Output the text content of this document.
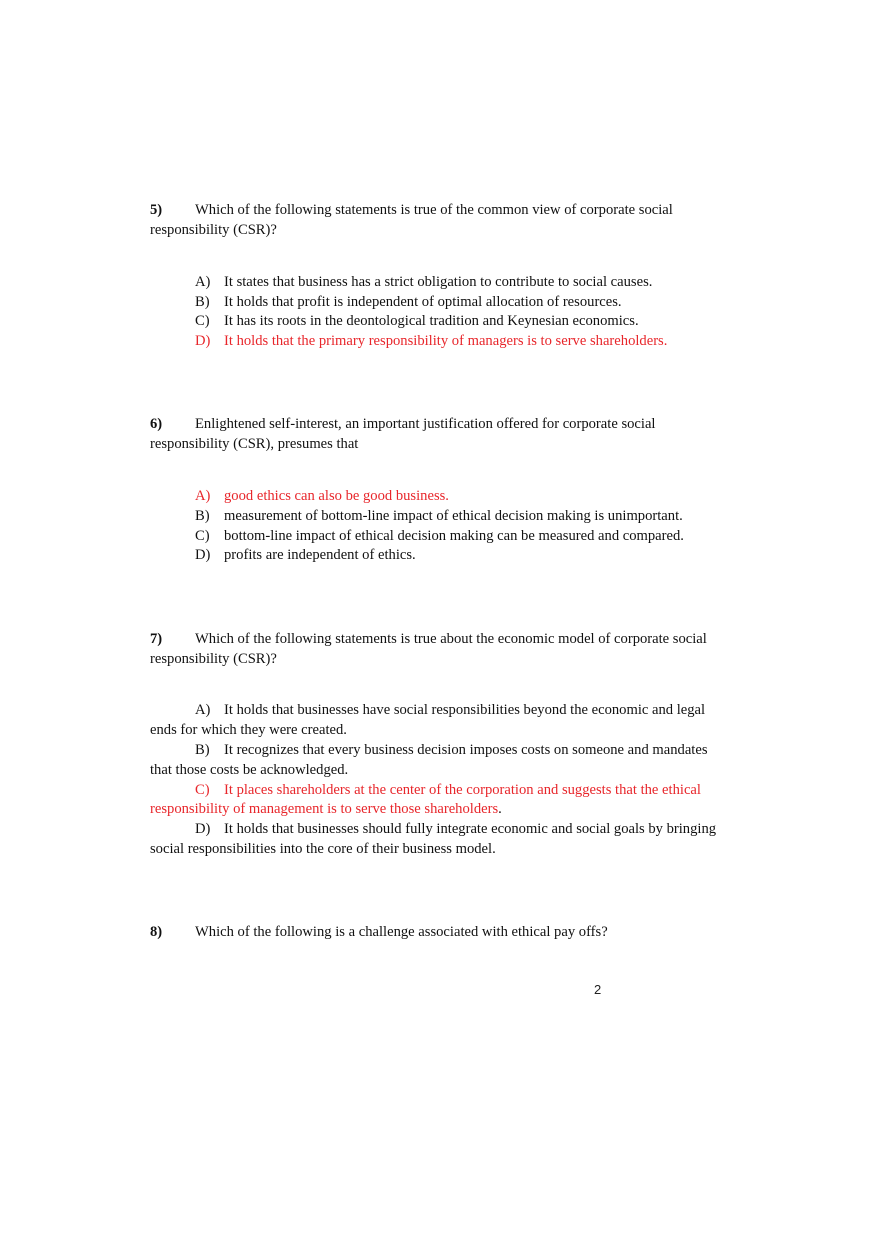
5) Which of the following statements is true of the common view of corporate social
responsibility (CSR)?
A) It states that business has a strict obligation to contribute to social causes.
B) It holds that profit is independent of optimal allocation of resources.
C) It has its roots in the deontological tradition and Keynesian economics.
D) It holds that the primary responsibility of managers is to serve shareholders.
6) Enlightened self-interest, an important justification offered for corporate social
responsibility (CSR), presumes that
A) good ethics can also be good business.
B) measurement of bottom-line impact of ethical decision making is unimportant.
C) bottom-line impact of ethical decision making can be measured and compared.
D) profits are independent of ethics.
7) Which of the following statements is true about the economic model of corporate social
responsibility (CSR)?
A) It holds that businesses have social responsibilities beyond the economic and legal
ends for which they were created.
B) It recognizes that every business decision imposes costs on someone and mandates
that those costs be acknowledged.
C) It places shareholders at the center of the corporation and suggests that the ethical
responsibility of management is to serve those shareholders.
D) It holds that businesses should fully integrate economic and social goals by bringing
social responsibilities into the core of their business model.
8) Which of the following is a challenge associated with ethical pay offs?
2
